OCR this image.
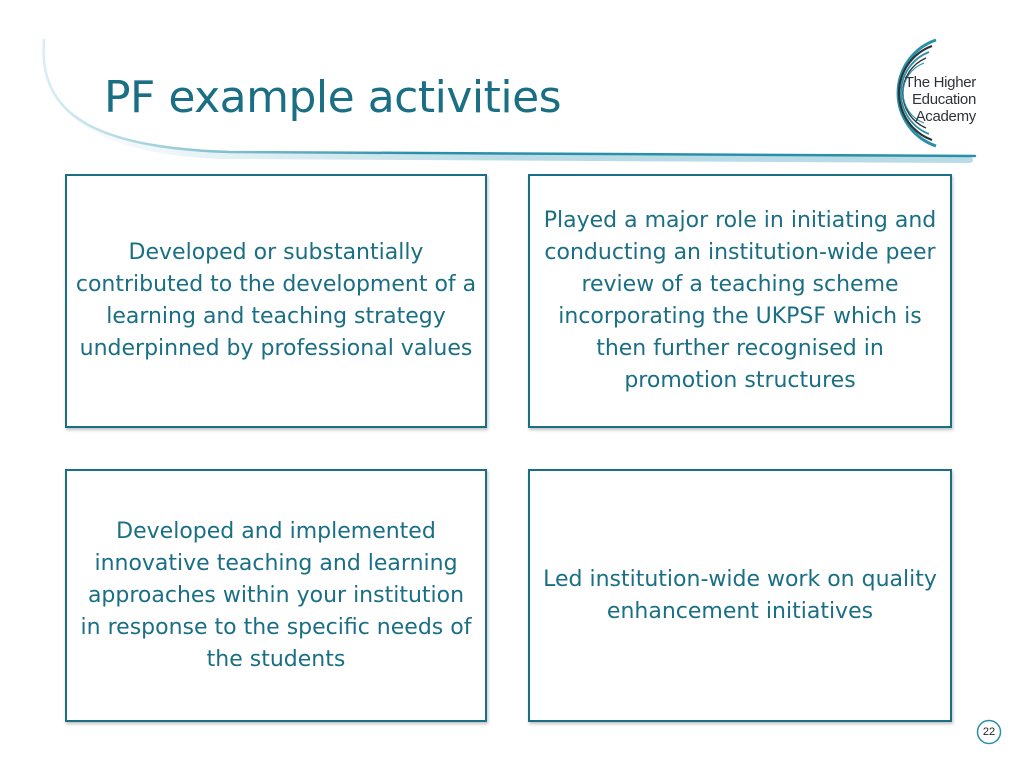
PF example activities	The Higher
Education
Academy
Developed or substantially contributed to the development of a learning and teaching strategy underpinned by professional values
Played a major role in initiating and conducting an institution-wide peer review of a teaching scheme incorporating the UKPSF which is then further recognised in promotion structures
Developed and implemented innovative teaching and learning approaches within your institution in response to the specific needs of the students
Led institution-wide work on quality enhancement initiatives
22
